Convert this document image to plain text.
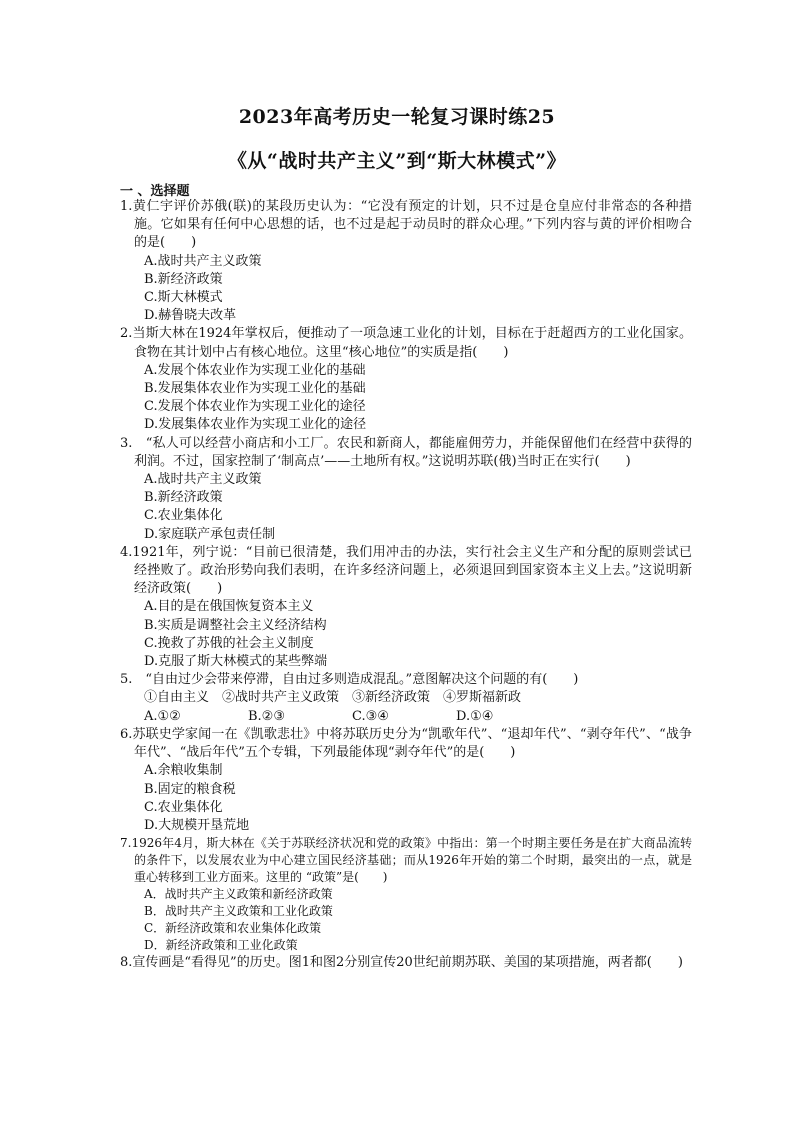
2023年高考历史一轮复习课时练25
《从“战时共产主义”到“斯大林模式”》
一 、选择题

1.黄仁宇评价苏俄(联)的某段历史认为：“它没有预定的计划，只不过是仓皇应付非常态的各种措施。它如果有任何中心思想的话，也不过是起于动员时的群众心理。”下列内容与黄的评价相吻合的是(　　)

A.战时共产主义政策

B.新经济政策

C.斯大林模式

D.赫鲁晓夫改革

2.当斯大林在1924年掌权后，便推动了一项急速工业化的计划，目标在于赶超西方的工业化国家。食物在其计划中占有核心地位。这里“核心地位”的实质是指(　　)

A.发展个体农业作为实现工业化的基础

B.发展集体农业作为实现工业化的基础

C.发展个体农业作为实现工业化的途径

D.发展集体农业作为实现工业化的途径

3.　“私人可以经营小商店和小工厂。农民和新商人，都能雇佣劳力，并能保留他们在经营中获得的利润。不过，国家控制了‘制高点’——土地所有权。”这说明苏联(俄)当时正在实行(　　)

A.战时共产主义政策

B.新经济政策

C.农业集体化

D.家庭联产承包责任制

4.1921年，列宁说：“目前已很清楚，我们用冲击的办法，实行社会主义生产和分配的原则尝试已经挫败了。政治形势向我们表明，在许多经济问题上，必须退回到国家资本主义上去。”这说明新经济政策(　　)

A.目的是在俄国恢复资本主义

B.实质是调整社会主义经济结构

C.挽救了苏俄的社会主义制度

D.克服了斯大林模式的某些弊端

5.　“自由过少会带来停滞，自由过多则造成混乱。”意图解决这个问题的有(　　)

①自由主义　②战时共产主义政策　③新经济政策　④罗斯福新政

A.①②	B.②③	C.③④	D.①④

6.苏联史学家闻一在《凯歌悲壮》中将苏联历史分为“凯歌年代”、“退却年代”、“剥夺年代”、“战争年代”、“战后年代”五个专辑，下列最能体现“剥夺年代”的是(　　)

A.余粮收集制

B.固定的粮食税

C.农业集体化

D.大规模开垦荒地

7.1926年4月，斯大林在《关于苏联经济状况和党的政策》中指出：第一个时期主要任务是在扩大商品流转的条件下，以发展农业为中心建立国民经济基础；而从1926年开始的第二个时期，最突出的一点，就是重心转移到工业方面来。这里的 “政策”是(　　)

A．战时共产主义政策和新经济政策

B．战时共产主义政策和工业化政策

C．新经济政策和农业集体化政策

D．新经济政策和工业化政策

8.宣传画是“看得见”的历史。图1和图2分别宣传20世纪前期苏联、美国的某项措施，两者都(　　)
